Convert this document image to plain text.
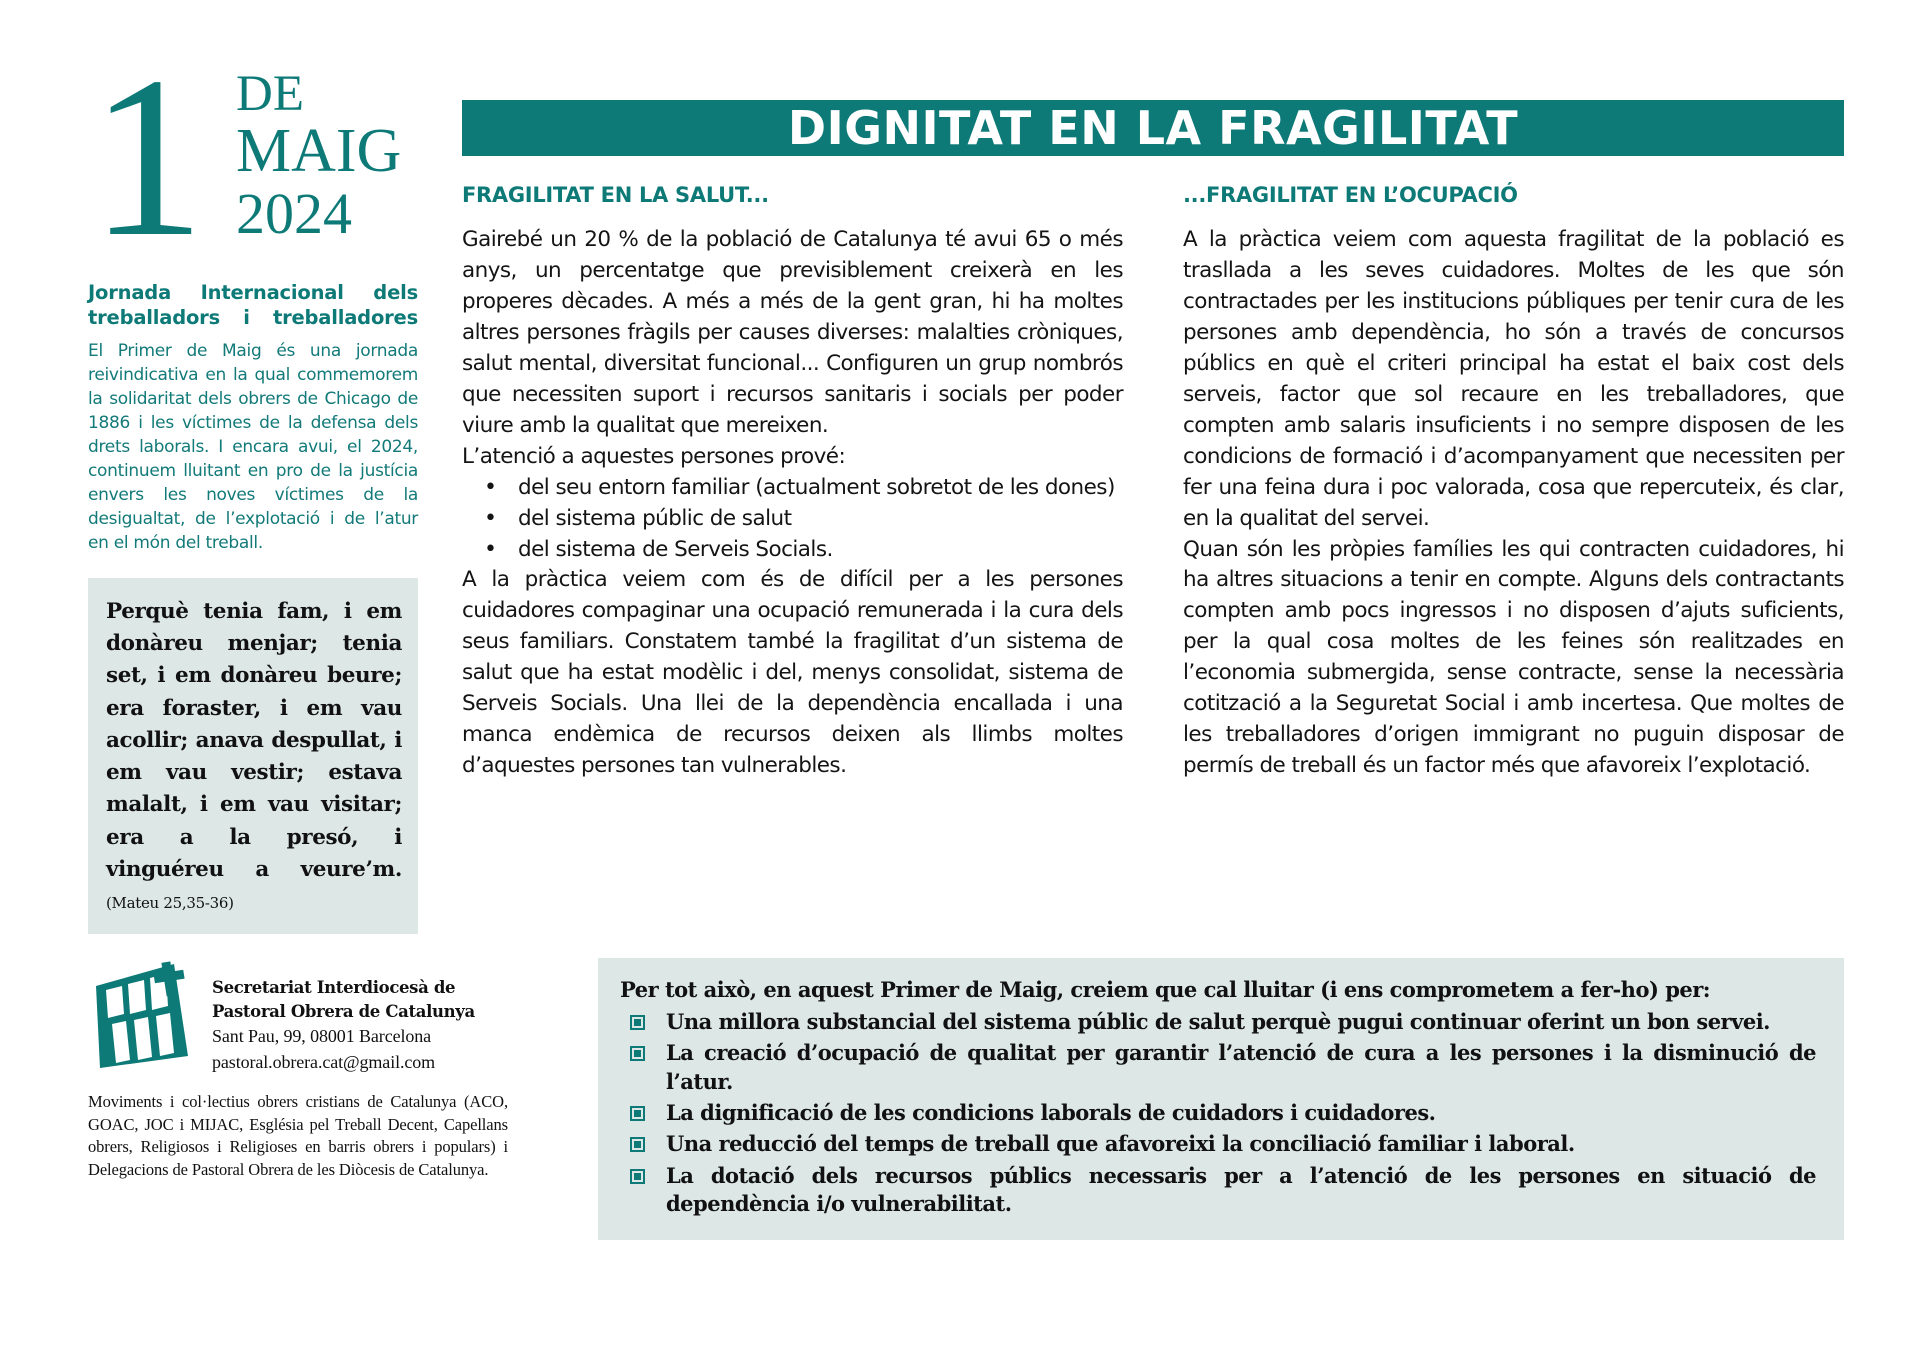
1 DE
MAIG
2024
Jornada Internacional dels treballadors i treballadores
El Primer de Maig és una jornada reivindicativa en la qual commemorem la solidaritat dels obrers de Chicago de 1886 i les víctimes de la defensa dels drets laborals. I encara avui, el 2024, continuem lluitant en pro de la justícia envers les noves víctimes de la desigualtat, de l’explotació i de l’atur en el món del treball.
Perquè tenia fam, i em donàreu menjar; tenia set, i em donàreu beure; era foraster, i em vau acollir; anava despullat, i em vau vestir; estava malalt, i em vau visitar; era a la presó, i vinguéreu a veure’m.(Mateu 25,35-36)
Secretariat Interdiocesà de
Pastoral Obrera de Catalunya
Sant Pau, 99, 08001 Barcelona
pastoral.obrera.cat@gmail.com
Moviments i col·lectius obrers cristians de Catalunya (ACO, GOAC, JOC i MIJAC, Església pel Treball Decent, Capellans obrers, Religiosos i Religioses en barris obrers i populars) i Delegacions de Pastoral Obrera de les Diòcesis de Catalunya.
DIGNITAT EN LA FRAGILITAT
FRAGILITAT EN LA SALUT...

Gairebé un 20 % de la població de Catalunya té avui 65 o més anys, un percentatge que previsiblement creixerà en les properes dècades. A més a més de la gent gran, hi ha moltes altres persones fràgils per causes diverses: malalties cròniques, salut mental, diversitat funcional... Configuren un grup nombrós que necessiten suport i recursos sanitaris i socials per poder viure amb la qualitat que mereixen.

L’atenció a aquestes persones prové:

• del seu entorn familiar (actualment sobretot de les dones)
• del sistema públic de salut
• del sistema de Serveis Socials.

A la pràctica veiem com és de difícil per a les persones cuidadores compaginar una ocupació remunerada i la cura dels seus familiars. Constatem també la fragilitat d’un sistema de salut que ha estat modèlic i del, menys consolidat, sistema de Serveis Socials. Una llei de la dependència encallada i una manca endèmica de recursos deixen als llimbs moltes d’aquestes persones tan vulnerables.

...FRAGILITAT EN L’OCUPACIÓ

A la pràctica veiem com aquesta fragilitat de la població es trasllada a les seves cuidadores. Moltes de les que són contractades per les institucions públiques per tenir cura de les persones amb dependència, ho són a través de concursos públics en què el criteri principal ha estat el baix cost dels serveis, factor que sol recaure en les treballadores, que compten amb salaris insuficients i no sempre disposen de les condicions de formació i d’acompanyament que necessiten per fer una feina dura i poc valorada, cosa que repercuteix, és clar, en la qualitat del servei.

Quan són les pròpies famílies les qui contracten cuidadores, hi ha altres situacions a tenir en compte. Alguns dels contractants compten amb pocs ingressos i no disposen d’ajuts suficients, per la qual cosa moltes de les feines són realitzades en l’economia submergida, sense contracte, sense la necessària cotització a la Seguretat Social i amb incertesa. Que moltes de les treballadores d’origen immigrant no puguin disposar de permís de treball és un factor més que afavoreix l’explotació.

Per tot això, en aquest Primer de Maig, creiem que cal lluitar (i ens comprometem a fer-ho) per:
Una millora substancial del sistema públic de salut perquè pugui continuar oferint un bon servei.
La creació d’ocupació de qualitat per garantir l’atenció de cura a les persones i la disminució de l’atur.
La dignificació de les condicions laborals de cuidadors i cuidadores.
Una reducció del temps de treball que afavoreixi la conciliació familiar i laboral.
La dotació dels recursos públics necessaris per a l’atenció de les persones en situació de dependència i/o vulnerabilitat.
